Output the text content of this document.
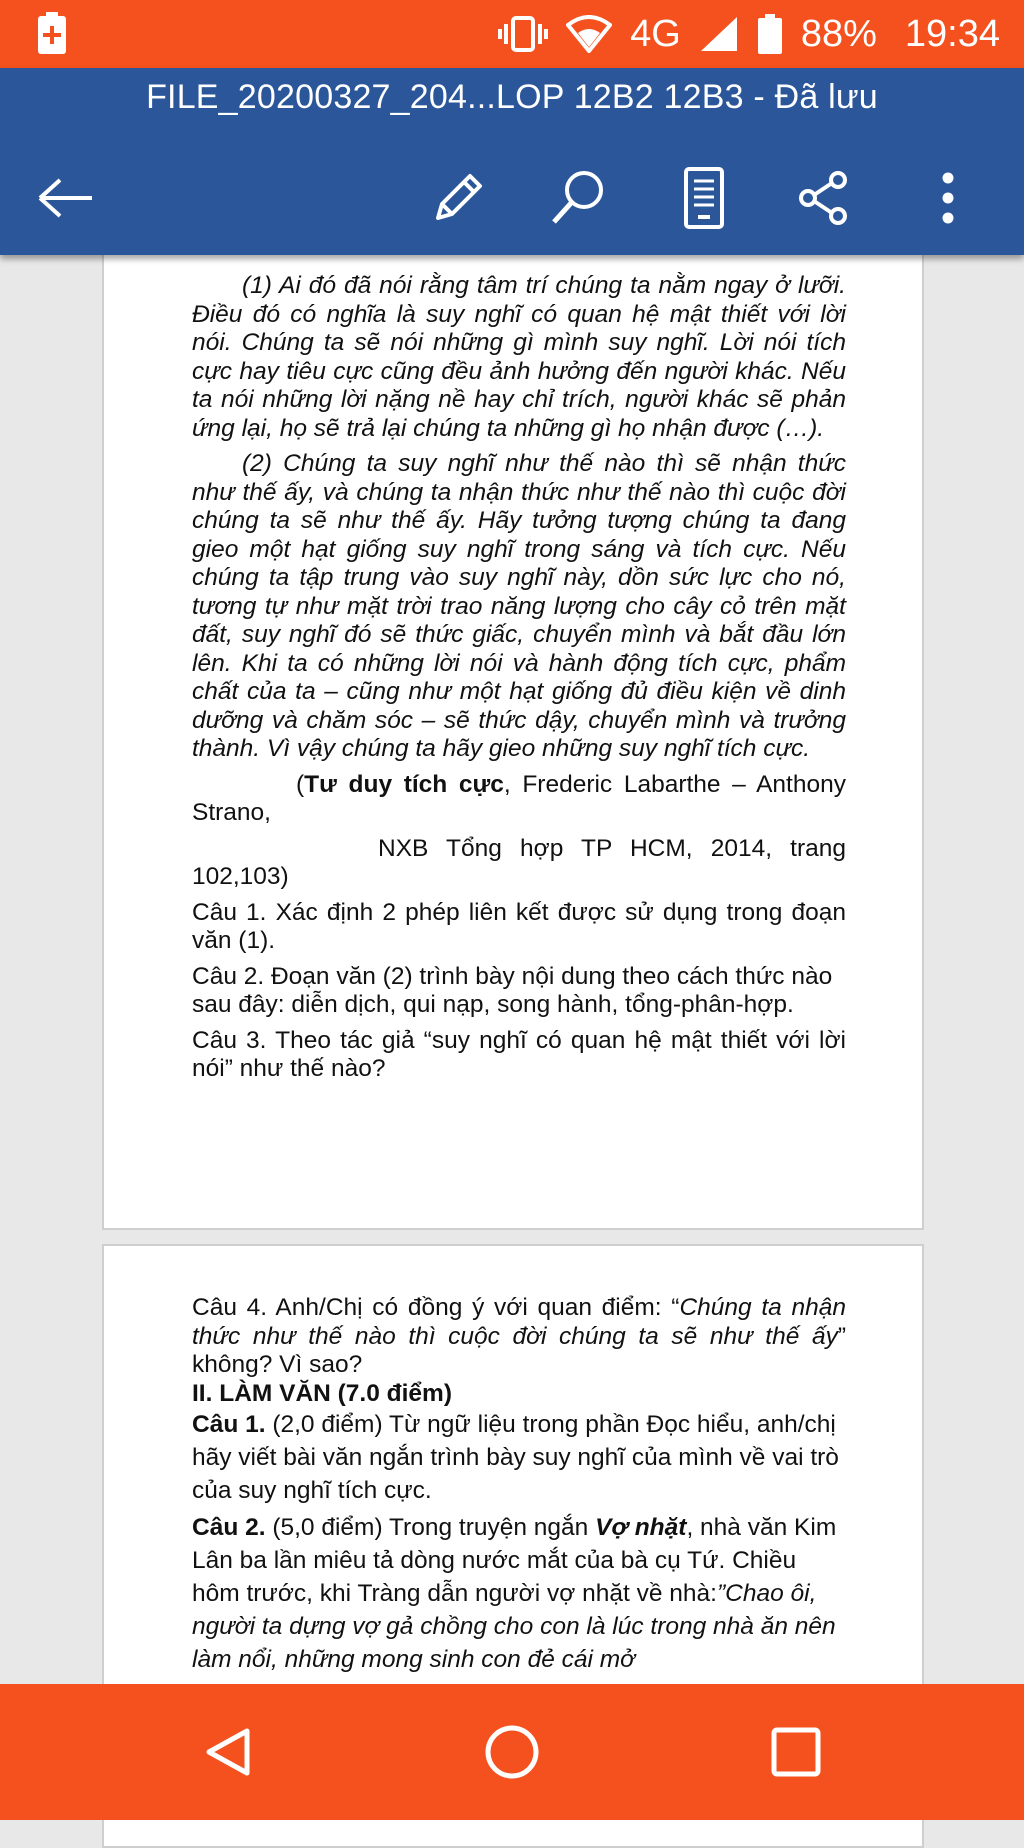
4G	88% 19:34
FILE_20200327_204...LOP 12B2 12B3 - Đã lưu

(1) Ai đó đã nói rằng tâm trí chúng ta nằm ngay ở lưỡi. Điều đó có nghĩa là suy nghĩ có quan hệ mật thiết với lời nói. Chúng ta sẽ nói những gì mình suy nghĩ. Lời nói tích cực hay tiêu cực cũng đều ảnh hưởng đến người khác. Nếu ta nói những lời nặng nề hay chỉ trích, người khác sẽ phản ứng lại, họ sẽ trả lại chúng ta những gì họ nhận được (…).

(2) Chúng ta suy nghĩ như thế nào thì sẽ nhận thức như thế ấy, và chúng ta nhận thức như thế nào thì cuộc đời chúng ta sẽ như thế ấy. Hãy tưởng tượng chúng ta đang gieo một hạt giống suy nghĩ trong sáng và tích cực. Nếu chúng ta tập trung vào suy nghĩ này, dồn sức lực cho nó, tương tự như mặt trời trao năng lượng cho cây cỏ trên mặt đất, suy nghĩ đó sẽ thức giấc, chuyển mình và bắt đầu lớn lên. Khi ta có những lời nói và hành động tích cực, phẩm chất của ta – cũng như một hạt giống đủ điều kiện về dinh dưỡng và chăm sóc – sẽ thức dậy, chuyển mình và trưởng thành. Vì vậy chúng ta hãy gieo những suy nghĩ tích cực.

(Tư duy tích cực, Frederic Labarthe – Anthony Strano,

NXB Tổng hợp TP HCM, 2014, trang 102,103)

Câu 1. Xác định 2 phép liên kết được sử dụng trong đoạn văn (1).

Câu 2. Đoạn văn (2) trình bày nội dung theo cách thức nào sau đây: diễn dịch, qui nạp, song hành, tổng-phân-hợp.

Câu 3. Theo tác giả “suy nghĩ có quan hệ mật thiết với lời nói” như thế nào?

Câu 4. Anh/Chị có đồng ý với quan điểm: “Chúng ta nhận thức như thế nào thì cuộc đời chúng ta sẽ như thế ấy” không? Vì sao?

II. LÀM VĂN (7.0 điểm)

Câu 1. (2,0 điểm) Từ ngữ liệu trong phần Đọc hiểu, anh/chị hãy viết bài văn ngắn trình bày suy nghĩ của mình về vai trò của suy nghĩ tích cực.

Câu 2. (5,0 điểm) Trong truyện ngắn Vợ nhặt, nhà văn Kim Lân ba lần miêu tả dòng nước mắt của bà cụ Tứ. Chiều hôm trước, khi Tràng dẫn người vợ nhặt về nhà:”Chao ôi, người ta dựng vợ gả chồng cho con là lúc trong nhà ăn nên làm nổi, những mong sinh con đẻ cái mở
